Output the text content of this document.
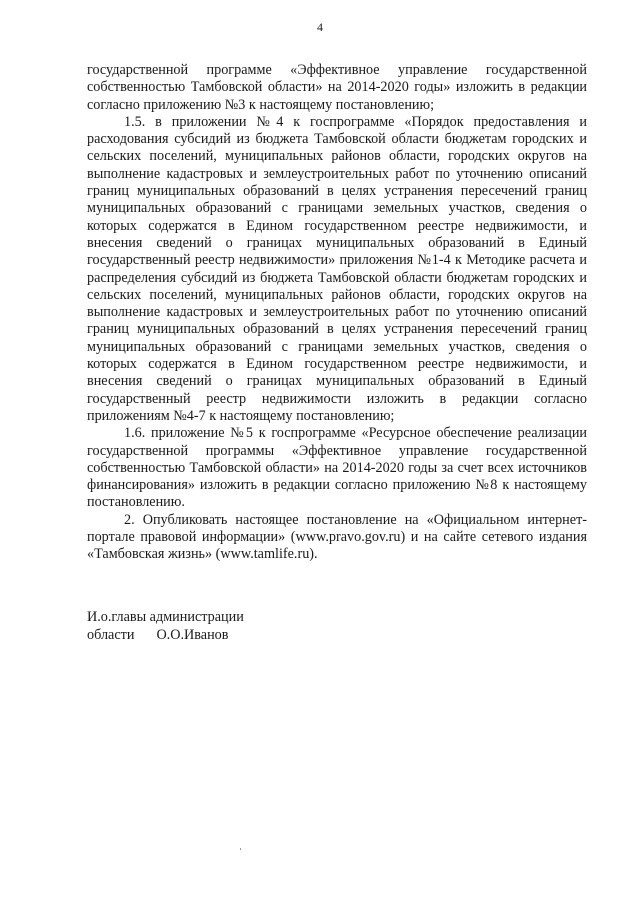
4

государственной программе «Эффективное управление государственной собственностью Тамбовской области» на 2014-2020 годы» изложить в редакции согласно приложению №3 к настоящему постановлению;

1.5. в приложении №4 к госпрограмме «Порядок предоставления и расходования субсидий из бюджета Тамбовской области бюджетам городских и сельских поселений, муниципальных районов области, городских округов на выполнение кадастровых и землеустроительных работ по уточнению описаний границ муниципальных образований в целях устранения пересечений границ муниципальных образований с границами земельных участков, сведения о которых содержатся в Едином государственном реестре недвижимости, и внесения сведений о границах муниципальных образований в Единый государственный реестр недвижимости» приложения №1-4 к Методике расчета и распределения субсидий из бюджета Тамбовской области бюджетам городских и сельских поселений, муниципальных районов области, городских округов на выполнение кадастровых и землеустроительных работ по уточнению описаний границ муниципальных образований в целях устранения пересечений границ муниципальных образований с границами земельных участков, сведения о которых содержатся в Едином государственном реестре недвижимости, и внесения сведений о границах муниципальных образований в Единый государственный реестр недвижимости изложить в редакции согласно приложениям №4-7 к настоящему постановлению;

1.6. приложение №5 к госпрограмме «Ресурсное обеспечение реализации государственной программы «Эффективное управление государственной собственностью Тамбовской области» на 2014-2020 годы за счет всех источников финансирования» изложить в редакции согласно приложению №8 к настоящему постановлению.

2. Опубликовать настоящее постановление на «Официальном интернет-портале правовой информации» (www.pravo.gov.ru) и на сайте сетевого издания «Тамбовская жизнь» (www.tamlife.ru).

И.о.главы администрации
области О.О.Иванов
